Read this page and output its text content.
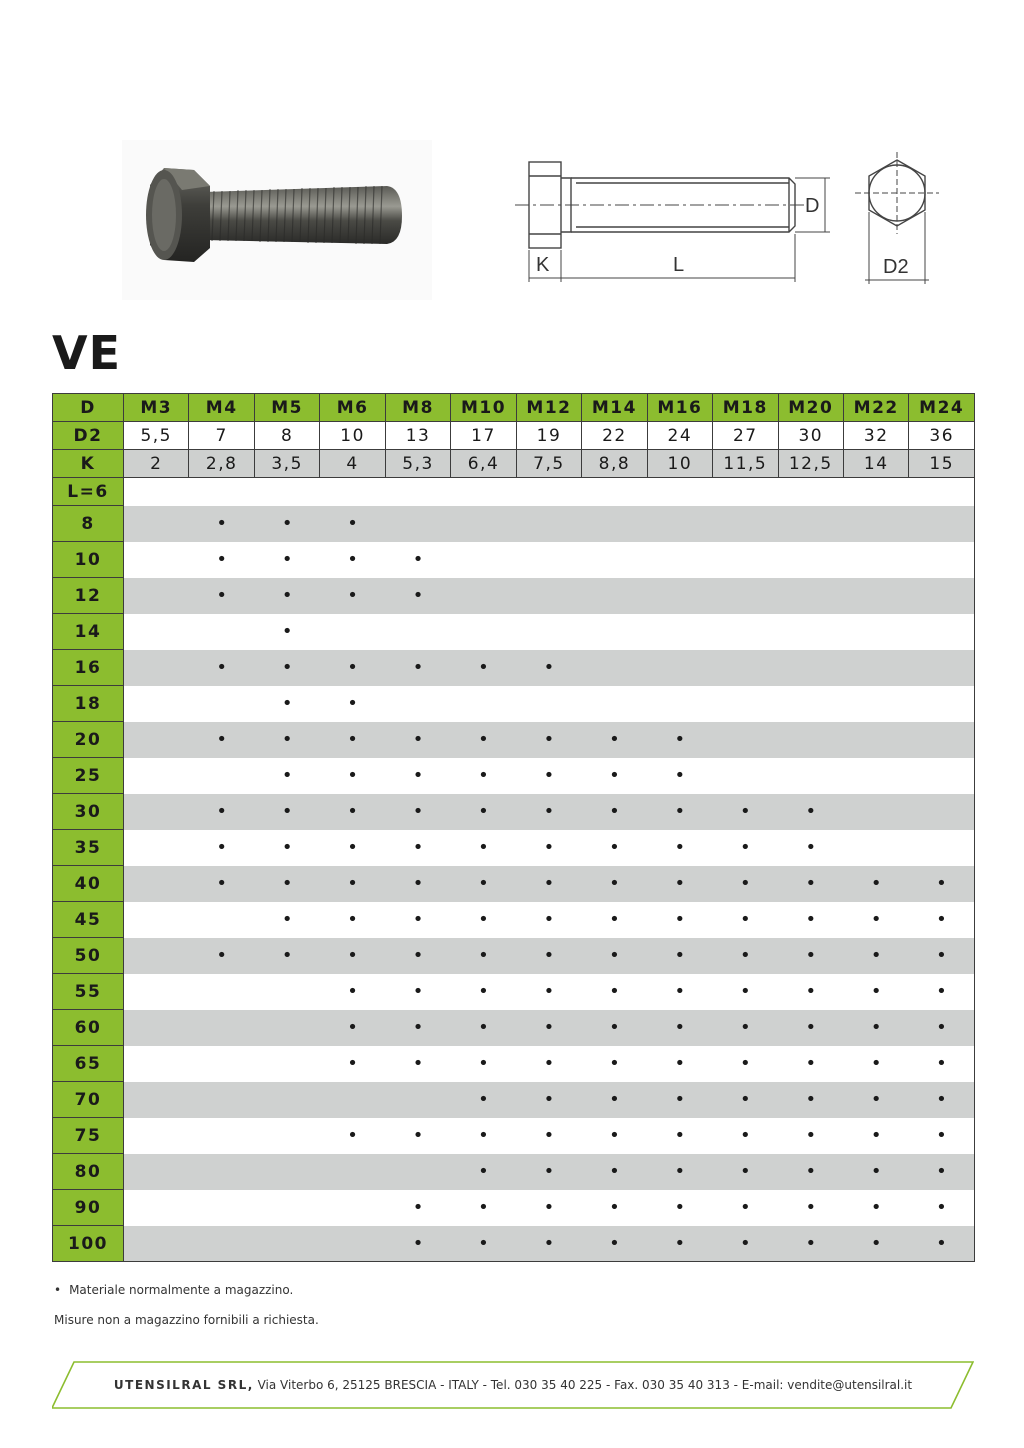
D
K	L	D2
VE
D	M3	M4	M5	M6	M8	M10	M12	M14	M16	M18	M20	M22	M24
D2	5,5	7	8	10	13	17	19	22	24	27	30	32	36
K	2	2,8	3,5	4	5,3	6,4	7,5	8,8	10	11,5	12,5	14	15
L=6													
8		•	•	•									
10		•	•	•	•								
12		•	•	•	•								
14			•										
16		•	•	•	•	•	•						
18			•	•									
20		•	•	•	•	•	•	•	•				
25			•	•	•	•	•	•	•				
30		•	•	•	•	•	•	•	•	•	•		
35		•	•	•	•	•	•	•	•	•	•		
40		•	•	•	•	•	•	•	•	•	•	•	•
45			•	•	•	•	•	•	•	•	•	•	•
50		•	•	•	•	•	•	•	•	•	•	•	•
55				•	•	•	•	•	•	•	•	•	•
60				•	•	•	•	•	•	•	•	•	•
65				•	•	•	•	•	•	•	•	•	•
70						•	•	•	•	•	•	•	•
75				•	•	•	•	•	•	•	•	•	•
80						•	•	•	•	•	•	•	•
90					•	•	•	•	•	•	•	•	•
100					•	•	•	•	•	•	•	•	•

• Materiale normalmente a magazzino.

Misure non a magazzino fornibili a richiesta.

UTENSILRAL SRL, Via Viterbo 6, 25125 BRESCIA - ITALY - Tel. 030 35 40 225 - Fax. 030 35 40 313 - E-mail: vendite@utensilral.it
